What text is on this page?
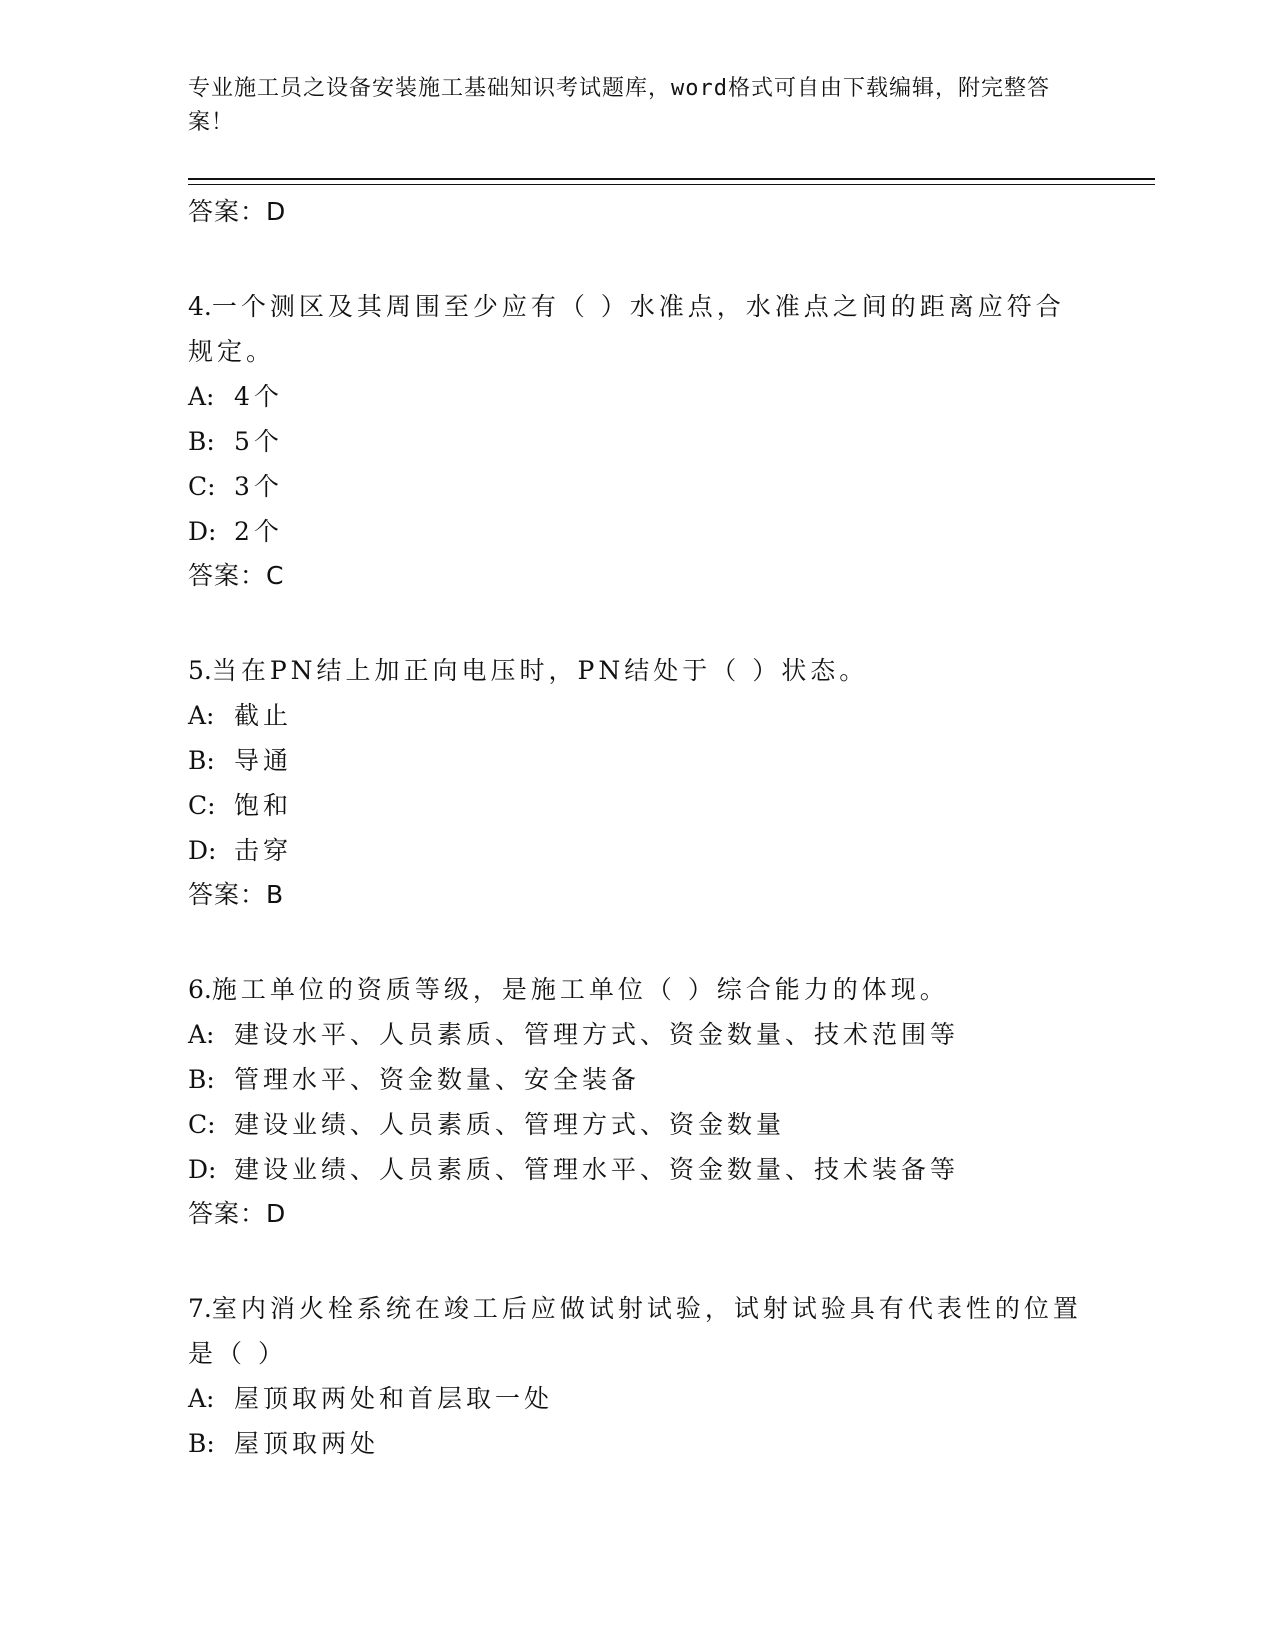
专业施工员之设备安装施工基础知识考试题库，word格式可自由下载编辑，附完整答案！
答案：D
4.一个测区及其周围至少应有（ ）水准点，水准点之间的距离应符合规定。
A: 4个
B: 5个
C: 3个
D: 2个
答案：C
5.当在PN结上加正向电压时，PN结处于（ ）状态。
A: 截止
B: 导通
C: 饱和
D: 击穿
答案：B
6.施工单位的资质等级，是施工单位（ ）综合能力的体现。
A: 建设水平、人员素质、管理方式、资金数量、技术范围等
B: 管理水平、资金数量、安全装备
C: 建设业绩、人员素质、管理方式、资金数量
D: 建设业绩、人员素质、管理水平、资金数量、技术装备等
答案：D
7.室内消火栓系统在竣工后应做试射试验，试射试验具有代表性的位置是（ ）
A: 屋顶取两处和首层取一处
B: 屋顶取两处
